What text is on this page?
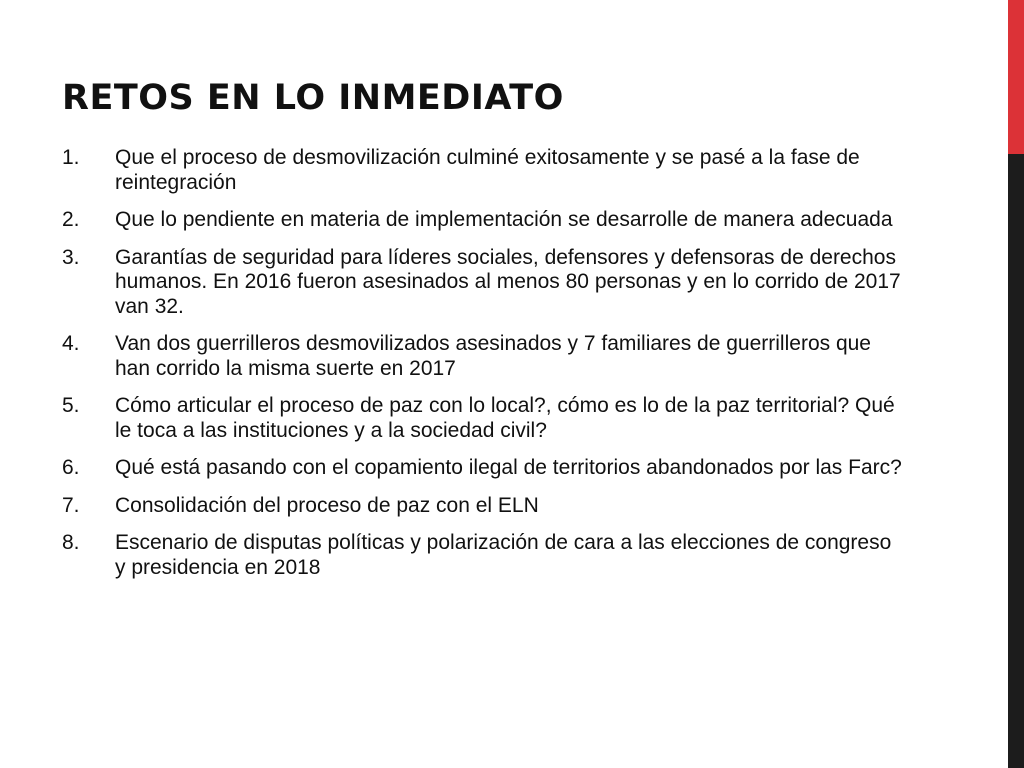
RETOS EN LO INMEDIATO
1. Que el proceso de desmovilización culminé exitosamente y se pasé a la fase de reintegración
2. Que lo pendiente en materia de implementación se desarrolle de manera adecuada
3. Garantías de seguridad para líderes sociales, defensores y defensoras de derechos humanos. En 2016 fueron asesinados al menos 80 personas y en lo corrido de 2017 van 32.
4. Van dos guerrilleros desmovilizados asesinados y 7 familiares de guerrilleros que han corrido la misma suerte en 2017
5. Cómo articular el proceso de paz con lo local?, cómo es lo de la paz territorial? Qué le toca a las instituciones y a la sociedad civil?
6. Qué está pasando con el copamiento ilegal de territorios abandonados por las Farc?
7. Consolidación del proceso de paz con el ELN
8. Escenario de disputas políticas y polarización de cara a las elecciones de congreso y presidencia en 2018
